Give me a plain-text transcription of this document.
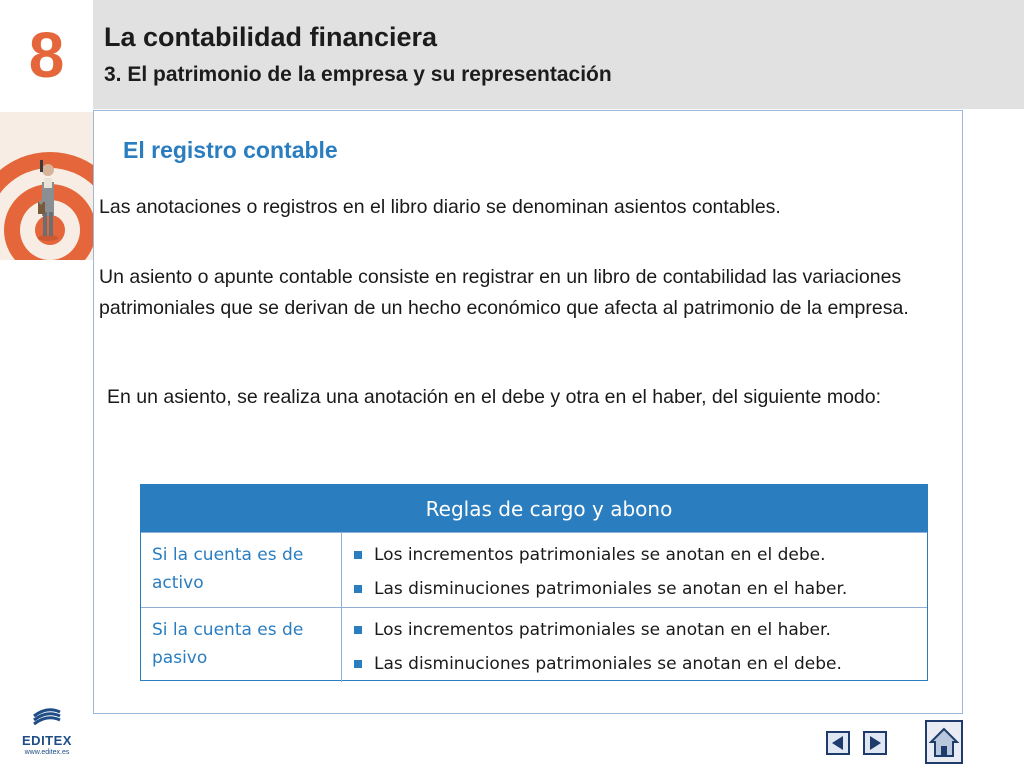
8	La contabilidad financiera
3. El patrimonio de la empresa y su representación
El registro contable
Las anotaciones o registros en el libro diario se denominan asientos contables.
Un asiento o apunte contable consiste en registrar en un libro de contabilidad las variaciones patrimoniales que se derivan de un hecho económico que afecta al patrimonio de la empresa.
En un asiento, se realiza una anotación en el debe y otra en el haber, del siguiente modo:
Reglas de cargo y abono
Si la cuenta es de activo
Los incrementos patrimoniales se anotan en el debe.
Las disminuciones patrimoniales se anotan en el haber.
Si la cuenta es de pasivo
Los incrementos patrimoniales se anotan en el haber.
Las disminuciones patrimoniales se anotan en el debe.
EDITEX
www.editex.es
